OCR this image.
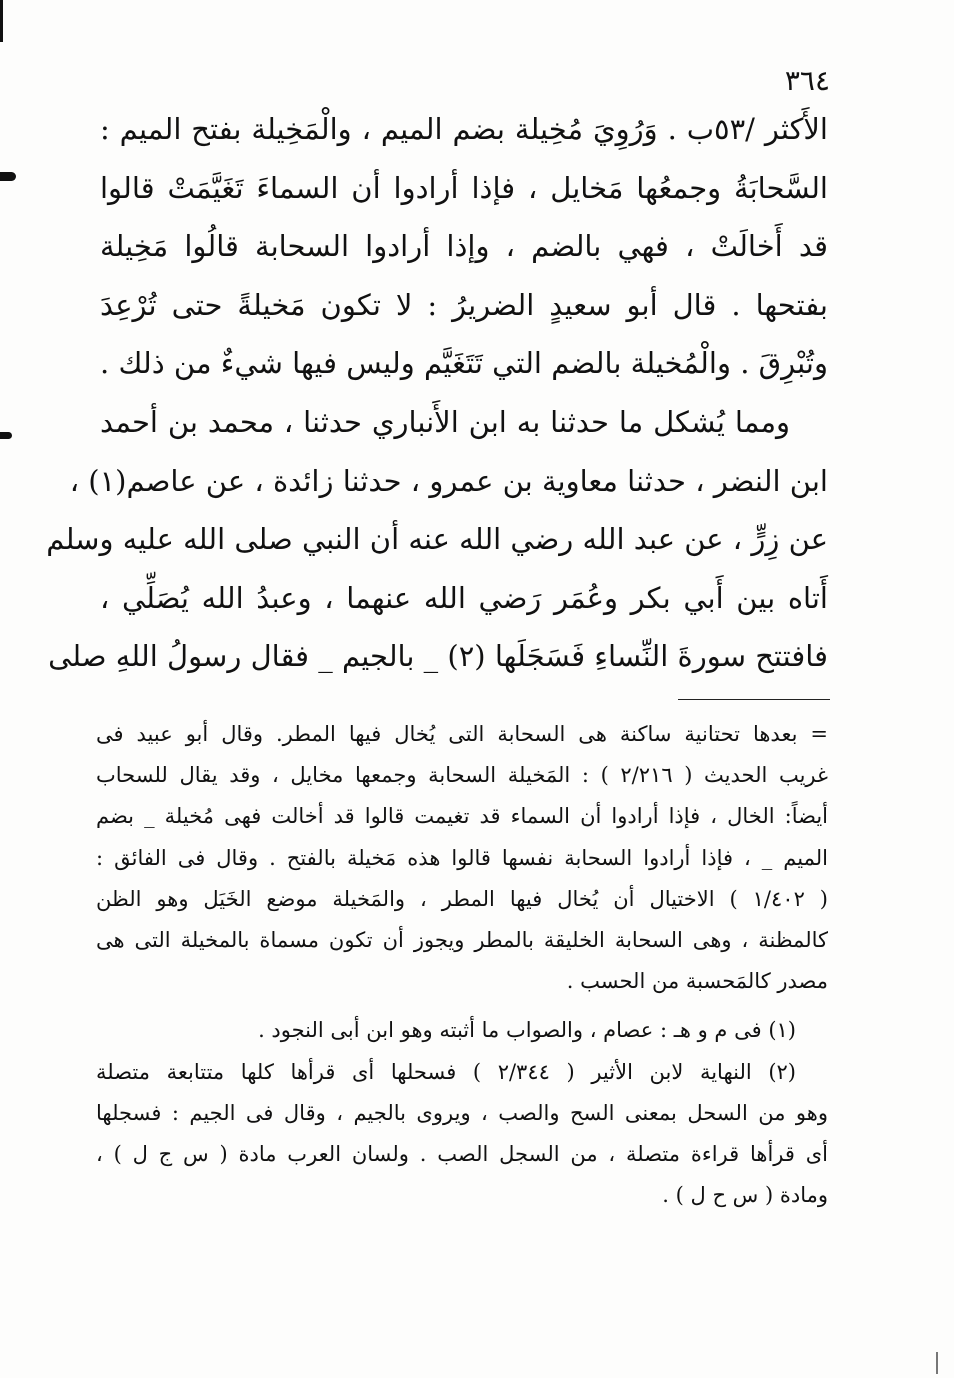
٣٦٤
الأَكثر /٥٣ب . وَرُوِيَ مُخِيلة بضم الميم ، والْمَخِيلة بفتح الميم :
السَّحابَةُ وجمعُها مَخايل ، فإذا أرادوا أن السماءَ تَغَيَّمَتْ قالوا
قد أَخالَتْ ، فهي بالضم ، وإذا أرادوا السحابة قالُوا مَخِيلة
بفتحها . قال أبو سعيدٍ الضريرُ : لا تكون مَخيلةً حتى تُرْعِدَ
وتُبْرِقَ . والْمُخيلة بالضم التي تَتَغَيَّم وليس فيها شيءٌ من ذلك .
ومما يُشكل ما حدثنا به ابن الأَنباري حدثنا ، محمد بن أحمد
ابن النضر ، حدثنا معاوية بن عمرو ، حدثنا زائدة ، عن عاصم(١) ،
عن زِرٍّ ، عن عبد الله رضي الله عنه أن النبي صلى الله عليه وسلم
أَتاه بين أَبي بكر وعُمَر رَضي الله عنهما ، وعبدُ الله يُصَلِّي ،
فافتتح سورةَ النِّساءِ فَسَجَلَها (٢) _ بالجيم _ فقال رسولُ اللهِ صلى
= بعدها تحتانية ساكنة هى السحابة التى يُخال فيها المطر. وقال أبو عبيد فى
غريب الحديث ( ٢/٢١٦ ) : المَخيلة السحابة وجمعها مخايل ، وقد يقال للسحاب
أيضاً: الخال ، فإذا أرادوا أن السماء قد تغيمت قالوا قد أخالت فهى مُخيلة _ بضم
الميم _ ، فإذا أرادوا السحابة نفسها قالوا هذه مَخيلة بالفتح . وقال فى الفائق :
( ١/٤٠٢ ) الاختيال أن يُخال فيها المطر ، والمَخيلة موضع الخَيَل وهو الظن
كالمظنة ، وهى السحابة الخليقة بالمطر ويجوز أن تكون مسماة بالمخيلة التى هى
مصدر كالمَحسبة من الحسب .
(١) فى م و هـ : عصام ، والصواب ما أثبته وهو ابن أبى النجود .
(٢) النهاية لابن الأثير ( ٢/٣٤٤ ) فسحلها أى قرأها كلها متتابعة متصلة
وهو من السحل بمعنى السح والصب ، ويروى بالجيم ، وقال فى الجيم : فسجلها
أى قرأها قراءة متصلة ، من السجل الصب . ولسان العرب مادة ( س ج ل ) ،
ومادة ( س ح ل ) .
